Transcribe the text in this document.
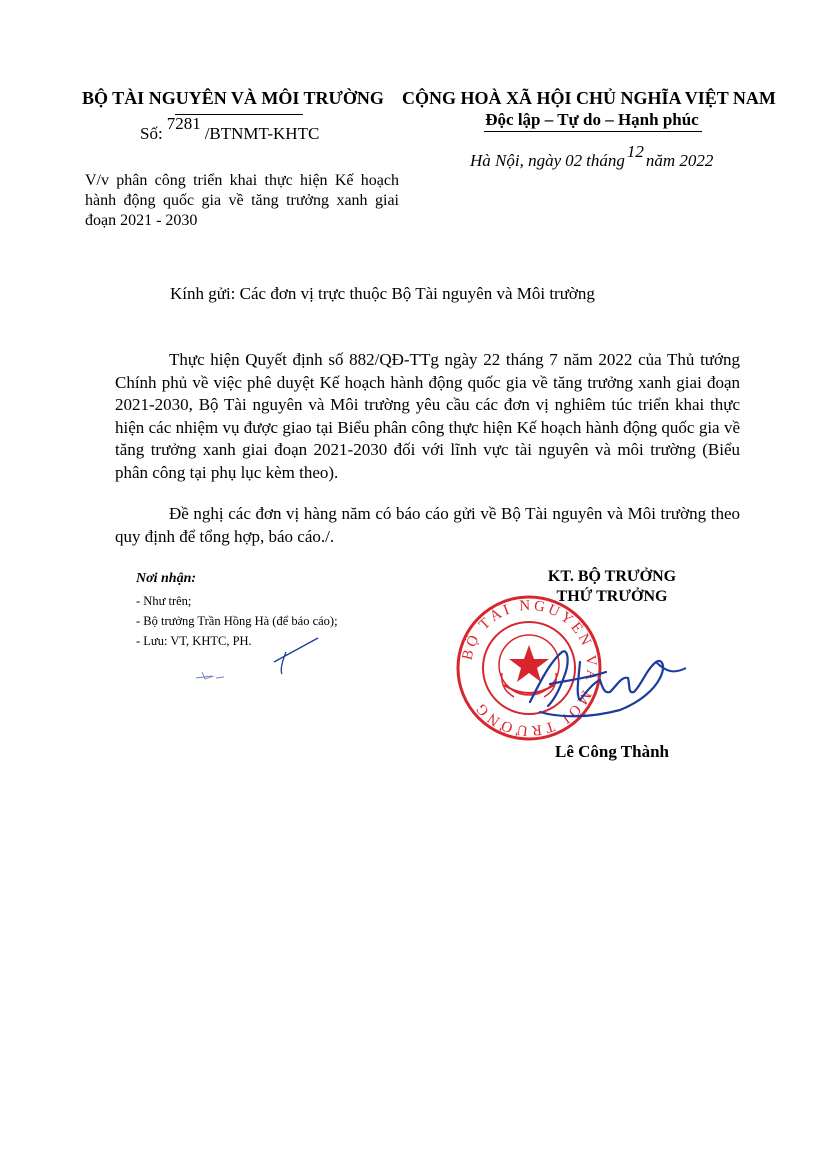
BỘ TÀI NGUYÊN VÀ MÔI TRƯỜNG
Số:7281/BTNMT-KHTC
V/v phân công triển khai thực hiện Kế hoạch hành động quốc gia về tăng trưởng xanh giai đoạn 2021 - 2030
CỘNG HOÀ XÃ HỘI CHỦ NGHĨA VIỆT NAM
Độc lập – Tự do – Hạnh phúc
Hà Nội, ngày 02 tháng 12 năm 2022
Kính gửi: Các đơn vị trực thuộc Bộ Tài nguyên và Môi trường
Thực hiện Quyết định số 882/QĐ-TTg ngày 22 tháng 7 năm 2022 của Thủ tướng Chính phủ về việc phê duyệt Kế hoạch hành động quốc gia về tăng trưởng xanh giai đoạn 2021-2030, Bộ Tài nguyên và Môi trường yêu cầu các đơn vị nghiêm túc triển khai thực hiện các nhiệm vụ được giao tại Biểu phân công thực hiện Kế hoạch hành động quốc gia về tăng trưởng xanh giai đoạn 2021-2030 đối với lĩnh vực tài nguyên và môi trường (Biểu phân công tại phụ lục kèm theo).
Đề nghị các đơn vị hàng năm có báo cáo gửi về Bộ Tài nguyên và Môi trường theo quy định để tổng hợp, báo cáo./.
Nơi nhận:
- Như trên;
- Bộ trưởng Trần Hồng Hà (để báo cáo);
- Lưu: VT, KHTC, PH.
BỘ TÀI NGUYÊN VÀ MÔI TRƯỜNG
KT. BỘ TRƯỞNG
THỨ TRƯỞNG
Lê Công Thành
